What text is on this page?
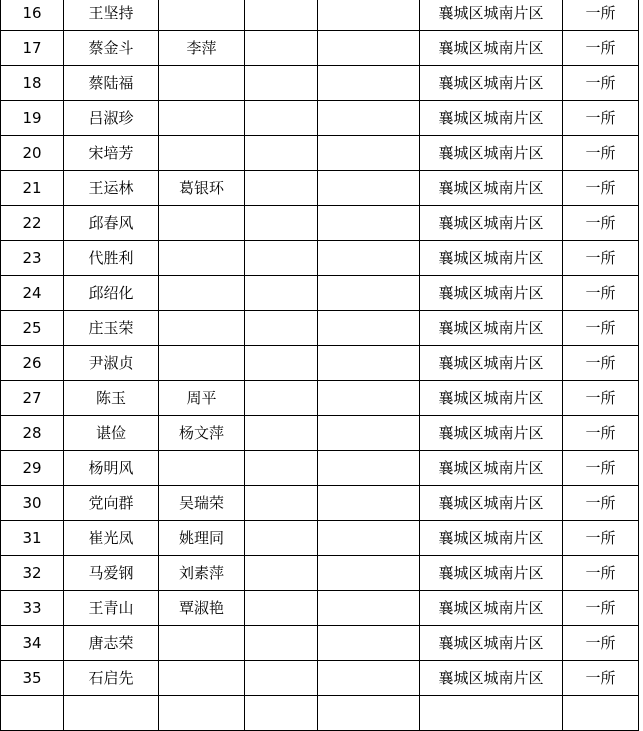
16	王坚持				襄城区城南片区	一所
17	蔡金斗	李萍			襄城区城南片区	一所
18	蔡陆福				襄城区城南片区	一所
19	吕淑珍				襄城区城南片区	一所
20	宋培芳				襄城区城南片区	一所
21	王运林	葛银环			襄城区城南片区	一所
22	邱春风				襄城区城南片区	一所
23	代胜利				襄城区城南片区	一所
24	邱绍化				襄城区城南片区	一所
25	庄玉荣				襄城区城南片区	一所
26	尹淑贞				襄城区城南片区	一所
27	陈玉	周平			襄城区城南片区	一所
28	谌俭	杨文萍			襄城区城南片区	一所
29	杨明风				襄城区城南片区	一所
30	党向群	吴瑞荣			襄城区城南片区	一所
31	崔光凤	姚理同			襄城区城南片区	一所
32	马爱钢	刘素萍			襄城区城南片区	一所
33	王青山	覃淑艳			襄城区城南片区	一所
34	唐志荣				襄城区城南片区	一所
35	石启先				襄城区城南片区	一所
